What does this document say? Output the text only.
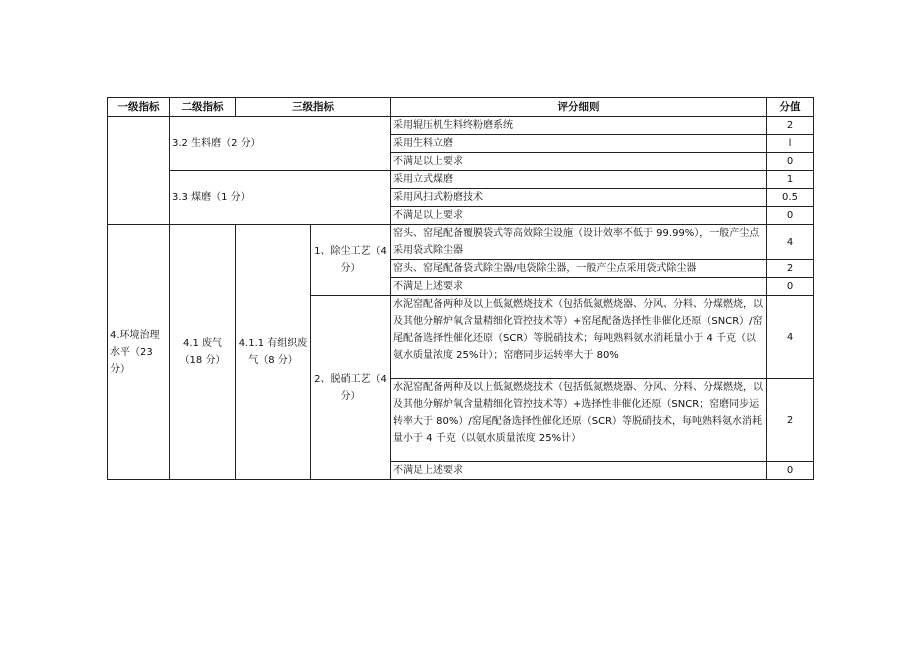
一级指标	二级指标	三级指标		评分细则	分值
	3.2 生料磨（2 分）			采用辊压机生料终粉磨系统	2
				采用生料立磨	l
				不满足以上要求	0
	3.3 煤磨（1 分）			采用立式煤磨	1
				采用风扫式粉磨技术	0.5
				不满足以上要求	0
4.环境治理水平（23 分）	4.1 废气（18 分）	4.1.1 有组织废气（8 分）	1、除尘工艺（4 分）	窑头、窑尾配备覆膜袋式等高效除尘设施（设计效率不低于 99.99%），一般产尘点采用袋式除尘器	4
				窑头、窑尾配备袋式除尘器/电袋除尘器，一般产尘点采用袋式除尘器	2
				不满足上述要求	0
			2、脱硝工艺（4 分）	水泥窑配备两种及以上低氮燃烧技术（包括低氮燃烧器、分风、分料、分煤燃烧，以及其他分解炉氧含量精细化管控技术等）+窑尾配备选择性非催化还原（SNCR）/窑尾配备选择性催化还原（SCR）等脱硝技术；每吨熟料氨水消耗量小于 4 千克（以氨水质量浓度 25%计）；窑磨同步运转率大于 80%	4
				水泥窑配备两种及以上低氮燃烧技术（包括低氮燃烧器、分风、分料、分煤燃烧，以及其他分解炉氧含量精细化管控技术等）+选择性非催化还原（SNCR；窑磨同步运转率大于 80%）/窑尾配备选择性催化还原（SCR）等脱硝技术，每吨熟料氨水消耗量小于 4 千克（以氨水质量浓度 25%计）	2
				不满足上述要求	0
